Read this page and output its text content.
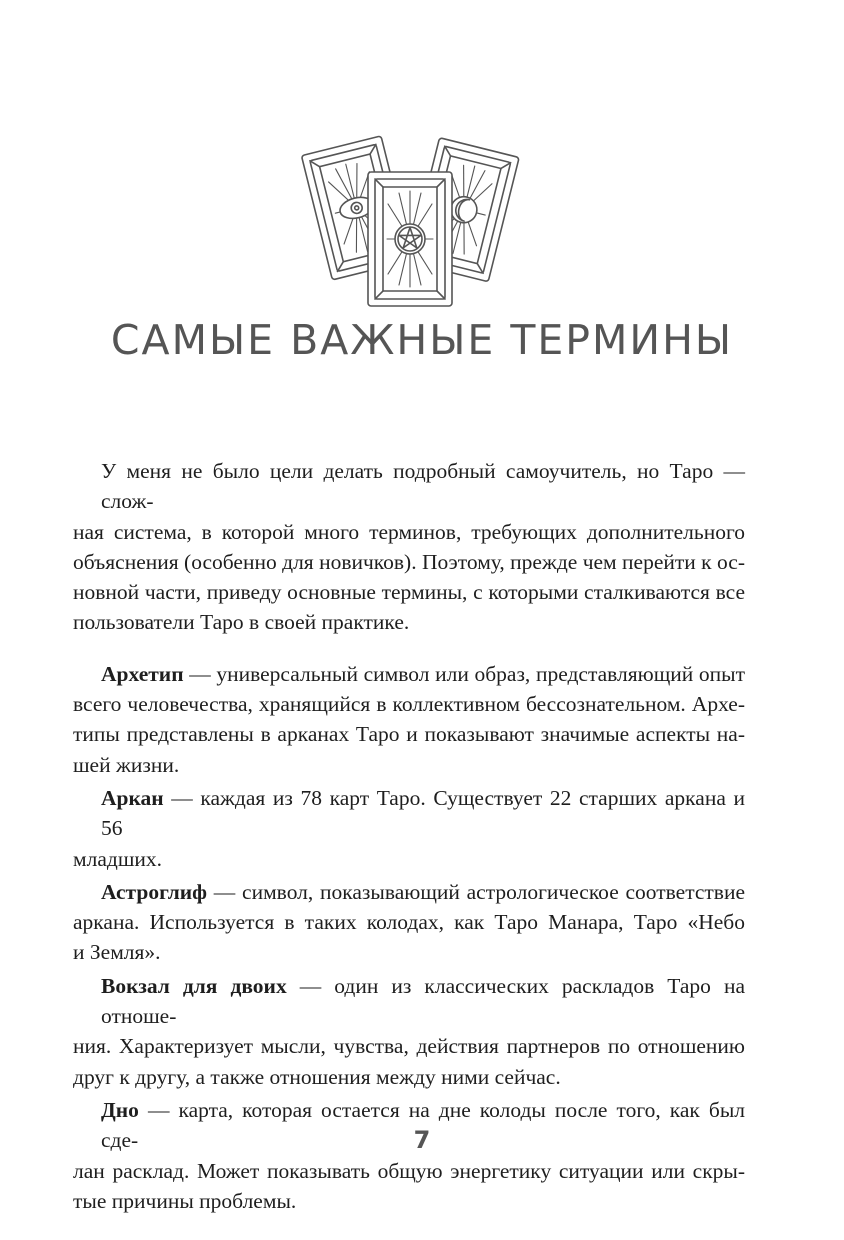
САМЫЕ ВАЖНЫЕ ТЕРМИНЫ

У меня не было цели делать подробный самоучитель, но Таро — слож-
ная система, в которой много терминов, требующих дополнительного
объяснения (особенно для новичков). Поэтому, прежде чем перейти к ос-
новной части, приведу основные термины, с которыми сталкиваются все
пользователи Таро в своей практике.

Архетип — универсальный символ или образ, представляющий опыт
всего человечества, хранящийся в коллективном бессознательном. Архе-
типы представлены в арканах Таро и показывают значимые аспекты на-
шей жизни.

Аркан — каждая из 78 карт Таро. Существует 22 старших аркана и 56
младших.

Астроглиф — символ, показывающий астрологическое соответствие
аркана. Используется в таких колодах, как Таро Манара, Таро «Небо
и Земля».

Вокзал для двоих — один из классических раскладов Таро на отноше-
ния. Характеризует мысли, чувства, действия партнеров по отношению
друг к другу, а также отношения между ними сейчас.

Дно — карта, которая остается на дне колоды после того, как был сде-
лан расклад. Может показывать общую энергетику ситуации или скры-
тые причины проблемы.

7
